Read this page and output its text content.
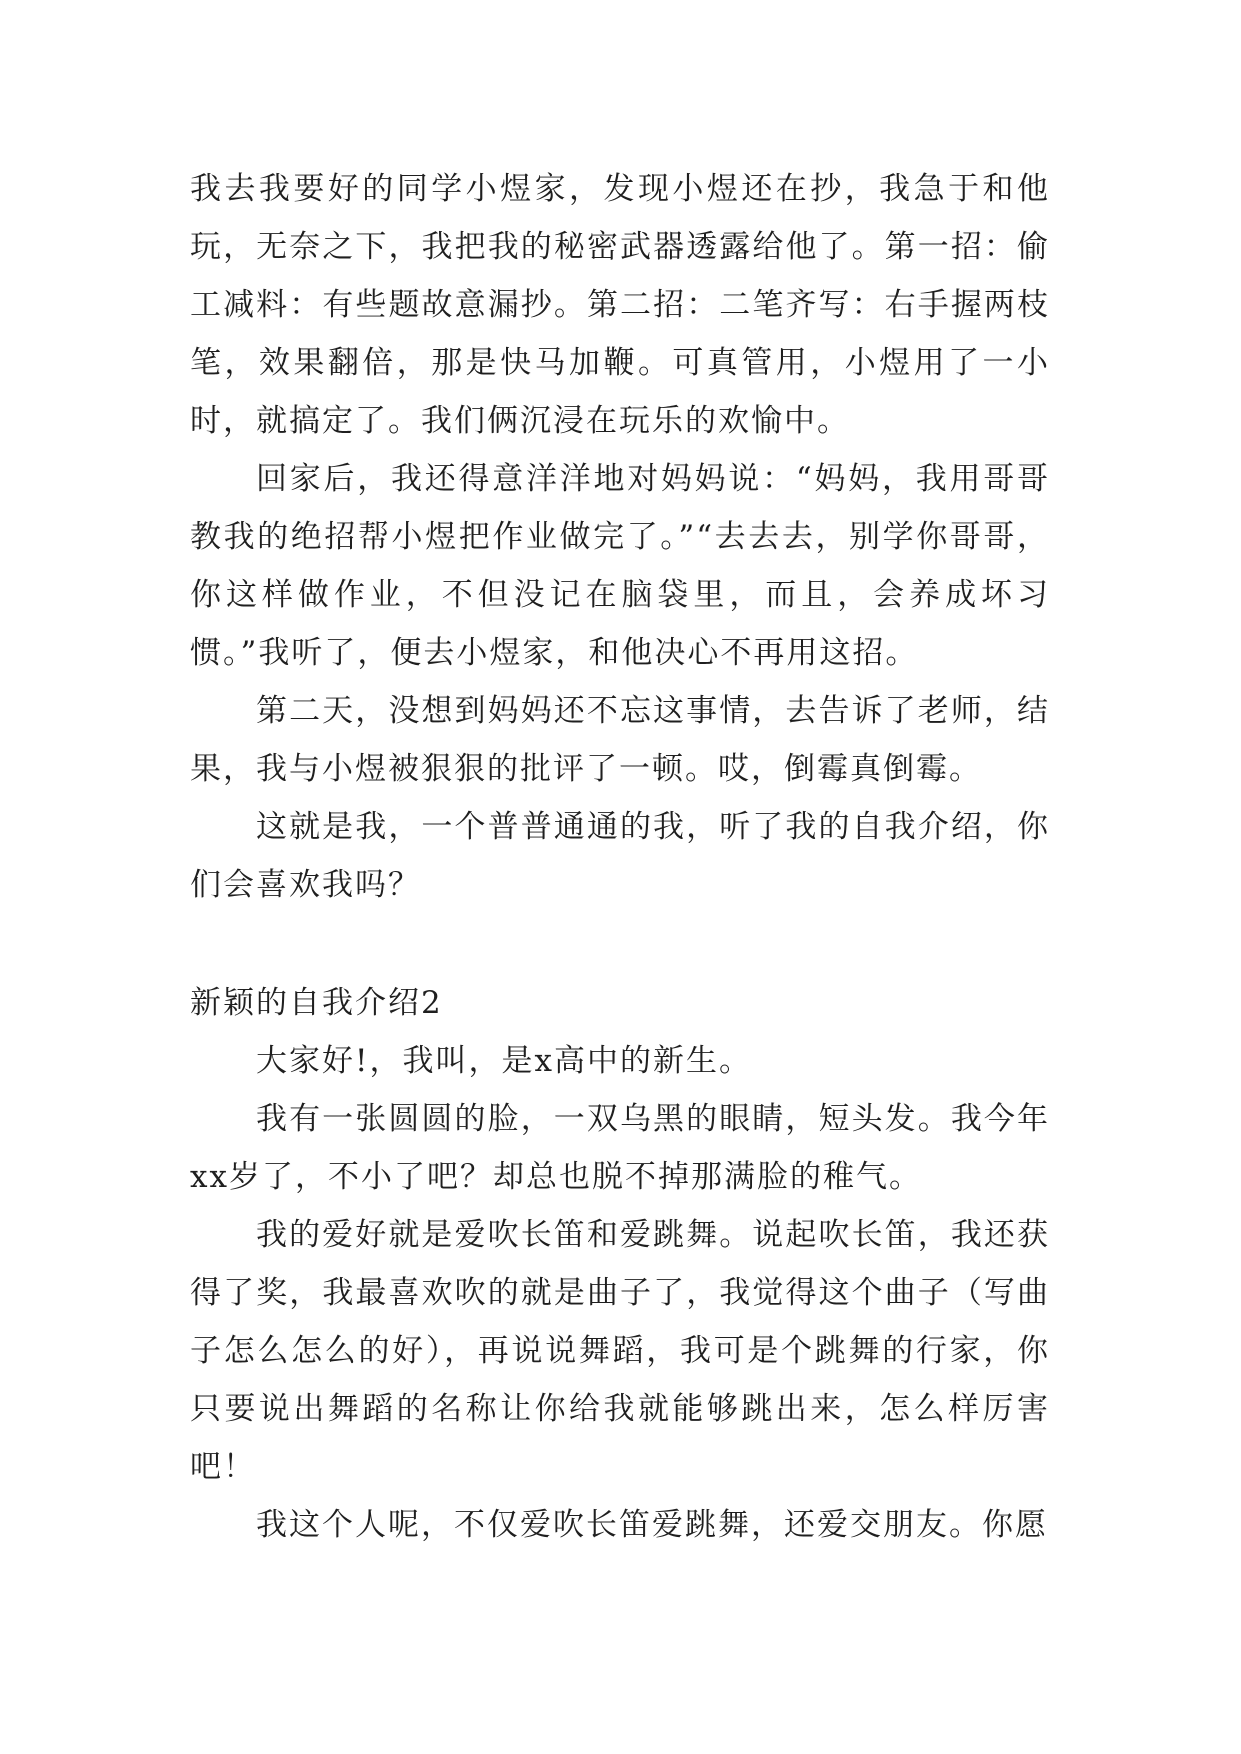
我去我要好的同学小煜家，发现小煜还在抄，我急于和他玩，无奈之下，我把我的秘密武器透露给他了。第一招：偷工减料：有些题故意漏抄。第二招：二笔齐写：右手握两枝笔，效果翻倍，那是快马加鞭。可真管用，小煜用了一小时，就搞定了。我们俩沉浸在玩乐的欢愉中。

回家后，我还得意洋洋地对妈妈说：“妈妈，我用哥哥教我的绝招帮小煜把作业做完了。”“去去去，别学你哥哥，你这样做作业，不但没记在脑袋里，而且，会养成坏习惯。”我听了，便去小煜家，和他决心不再用这招。

第二天，没想到妈妈还不忘这事情，去告诉了老师，结果，我与小煜被狠狠的批评了一顿。哎，倒霉真倒霉。

这就是我，一个普普通通的我，听了我的自我介绍，你们会喜欢我吗？

新颖的自我介绍2

大家好!，我叫，是x高中的新生。

我有一张圆圆的脸，一双乌黑的眼睛，短头发。我今年xx岁了，不小了吧？却总也脱不掉那满脸的稚气。

我的爱好就是爱吹长笛和爱跳舞。说起吹长笛，我还获得了奖，我最喜欢吹的就是曲子了，我觉得这个曲子（写曲子怎么怎么的好），再说说舞蹈，我可是个跳舞的行家，你只要说出舞蹈的名称让你给我就能够跳出来，怎么样厉害吧！

我这个人呢，不仅爱吹长笛爱跳舞，还爱交朋友。你愿
